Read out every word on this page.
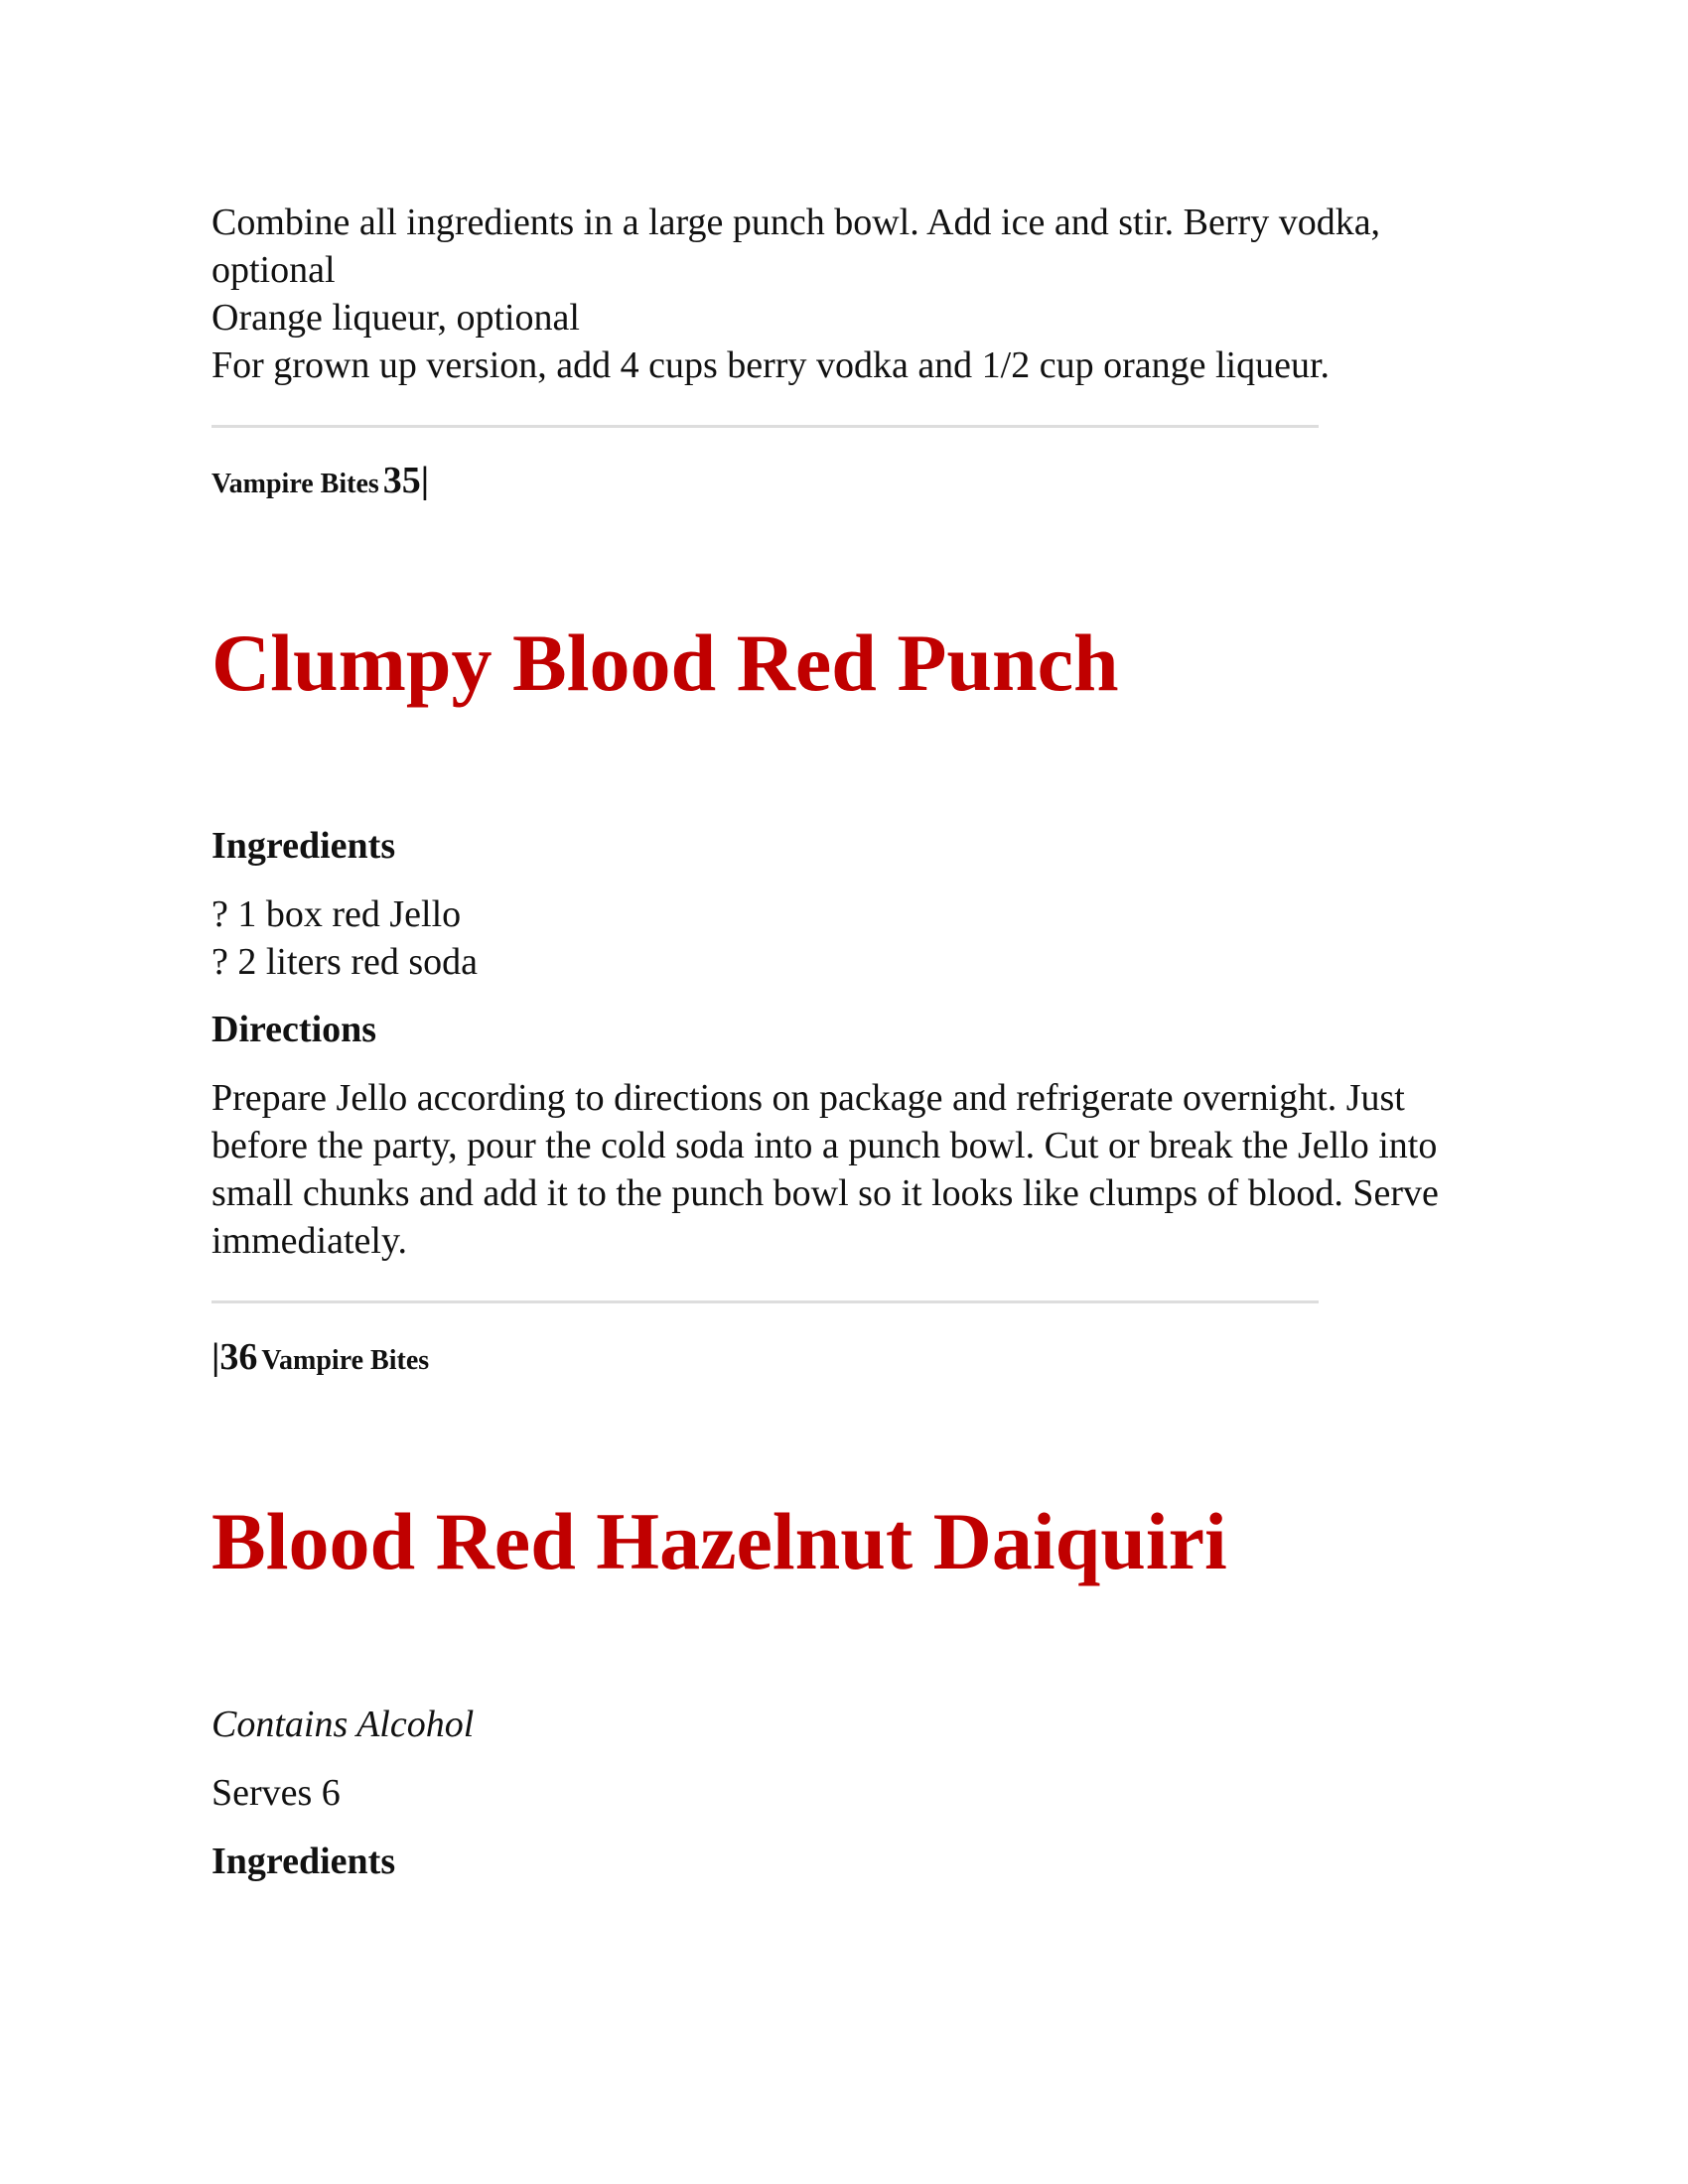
Combine all ingredients in a large punch bowl. Add ice and stir. Berry vodka, optional

Orange liqueur, optional

For grown up version, add 4 cups berry vodka and 1/2 cup orange liqueur.

Vampire Bites 35|
Clumpy Blood Red Punch
Ingredients
? 1 box red Jello
? 2 liters red soda
Directions

Prepare Jello according to directions on package and refrigerate overnight. Just before the party, pour the cold soda into a punch bowl. Cut or break the Jello into small chunks and add it to the punch bowl so it looks like clumps of blood. Serve immediately.

|36 Vampire Bites
Blood Red Hazelnut Daiquiri

Contains Alcohol

Serves 6

Ingredients
